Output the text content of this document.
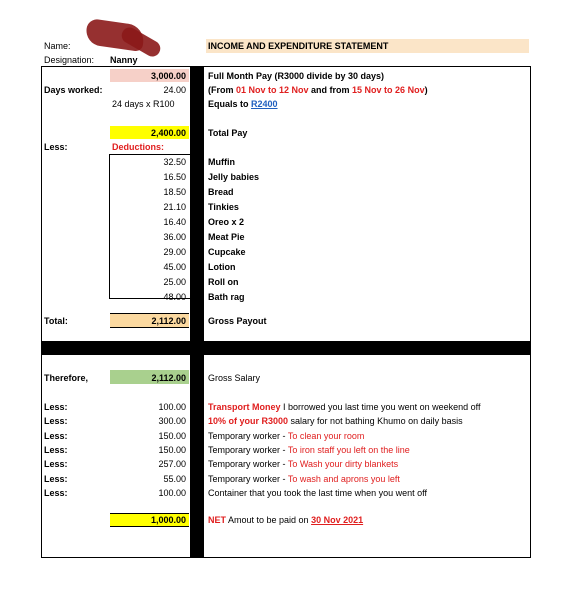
Name:
Designation: Nanny
INCOME AND EXPENDITURE STATEMENT
3,000.00 Full Month Pay (R3000 divide by 30 days)
Days worked:	24.00 (From 01 Nov to 12 Nov and from 15 Nov to 26 Nov)
24 days x R100	Equals to R2400
2,400.00 Total Pay
Less:	Deductions:
32.50 Muffin
16.50 Jelly babies
18.50 Bread
21.10 Tinkies
16.40 Oreo x 2
36.00 Meat Pie
29.00 Cupcake
45.00 Lotion
25.00 Roll on
48.00 Bath rag
Total:	2,112.00 Gross Payout
Therefore,	2,112.00 Gross Salary
Less:	100.00 Transport Money I borrowed you last time you went on weekend off
Less:	300.00 10% of your R3000 salary for not bathing Khumo on daily basis
Less:	150.00 Temporary worker - To clean your room
Less:	150.00 Temporary worker - To iron staff you left on the line
Less:	257.00 Temporary worker - To Wash your dirty blankets
Less:	55.00 Temporary worker - To wash and aprons you left
Less:	100.00 Container that you took the last time when you went off
1,000.00 NET Amout to be paid on 30 Nov 2021
